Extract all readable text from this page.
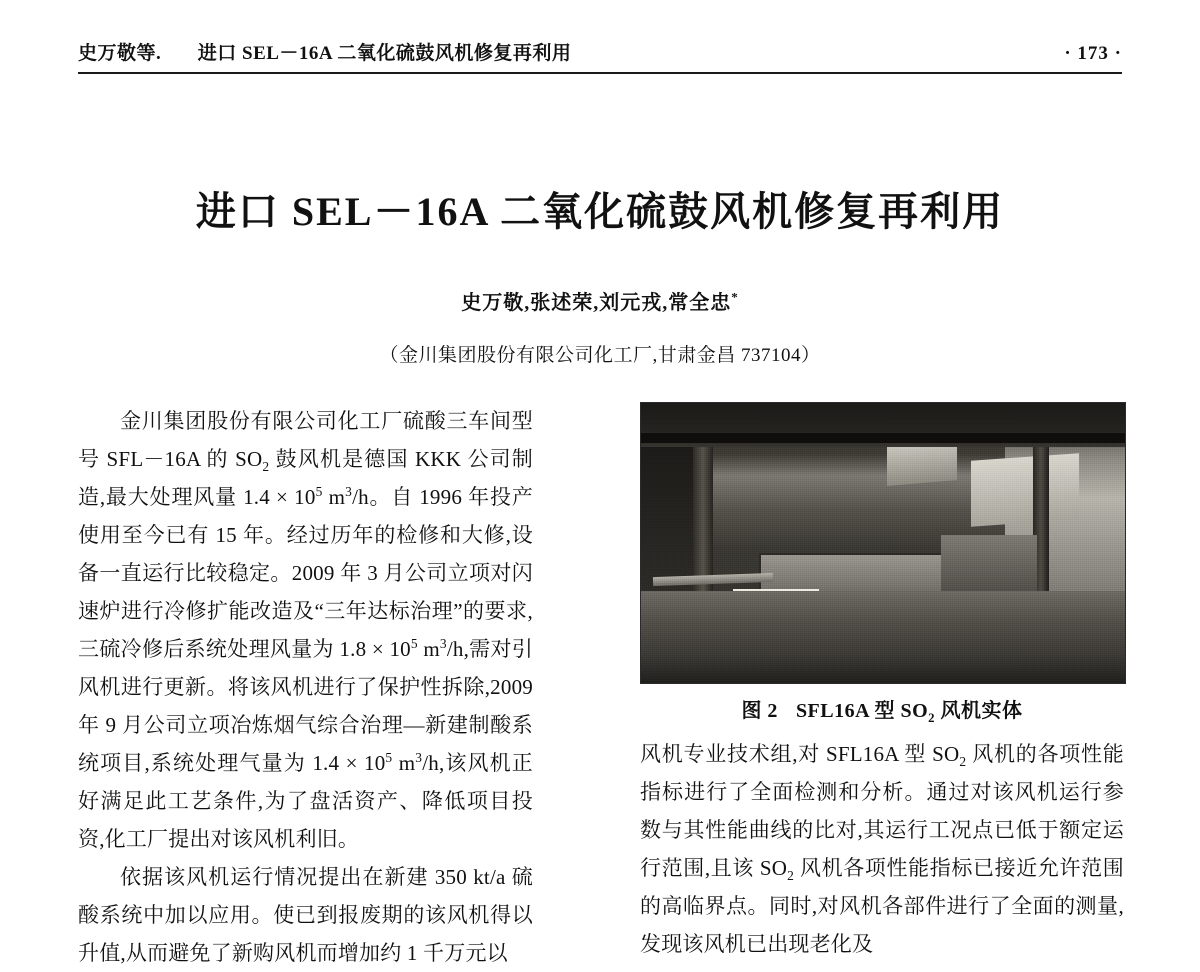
史万敬等. 进口 SEL－16A 二氧化硫鼓风机修复再利用	· 173 ·
进口 SEL－16A 二氧化硫鼓风机修复再利用
史万敬,张述荣,刘元戎,常全忠*
（金川集团股份有限公司化工厂,甘肃金昌 737104）

金川集团股份有限公司化工厂硫酸三车间型号 SFL－16A 的 $SO_2$ 鼓风机是德国 KKK 公司制造,最大处理风量 $1.4 \times 10^5$ $m^3/h$。自 1996 年投产使用至今已有 15 年。经过历年的检修和大修,设备一直运行比较稳定。2009 年 3 月公司立项对闪速炉进行冷修扩能改造及“三年达标治理”的要求,三硫冷修后系统处理风量为 $1.8 \times 10^5$ $m^3/h$,需对引风机进行更新。将该风机进行了保护性拆除,2009 年 9 月公司立项冶炼烟气综合治理—新建制酸系统项目,系统处理气量为 $1.4 \times 10^5$ $m^3/h$,该风机正好满足此工艺条件,为了盘活资产、降低项目投资,化工厂提出对该风机利旧。

依据该风机运行情况提出在新建 350 kt/a 硫酸系统中加以应用。使已到报废期的该风机得以升值,从而避免了新购风机而增加约 1 千万元以

图 2 SFL16A 型 $SO_2$ 风机实体

风机专业技术组,对 SFL16A 型 $SO_2$ 风机的各项性能指标进行了全面检测和分析。通过对该风机运行参数与其性能曲线的比对,其运行工况点已低于额定运行范围,且该 $SO_2$ 风机各项性能指标已接近允许范围的高临界点。同时,对风机各部件进行了全面的测量,发现该风机已出现老化及
